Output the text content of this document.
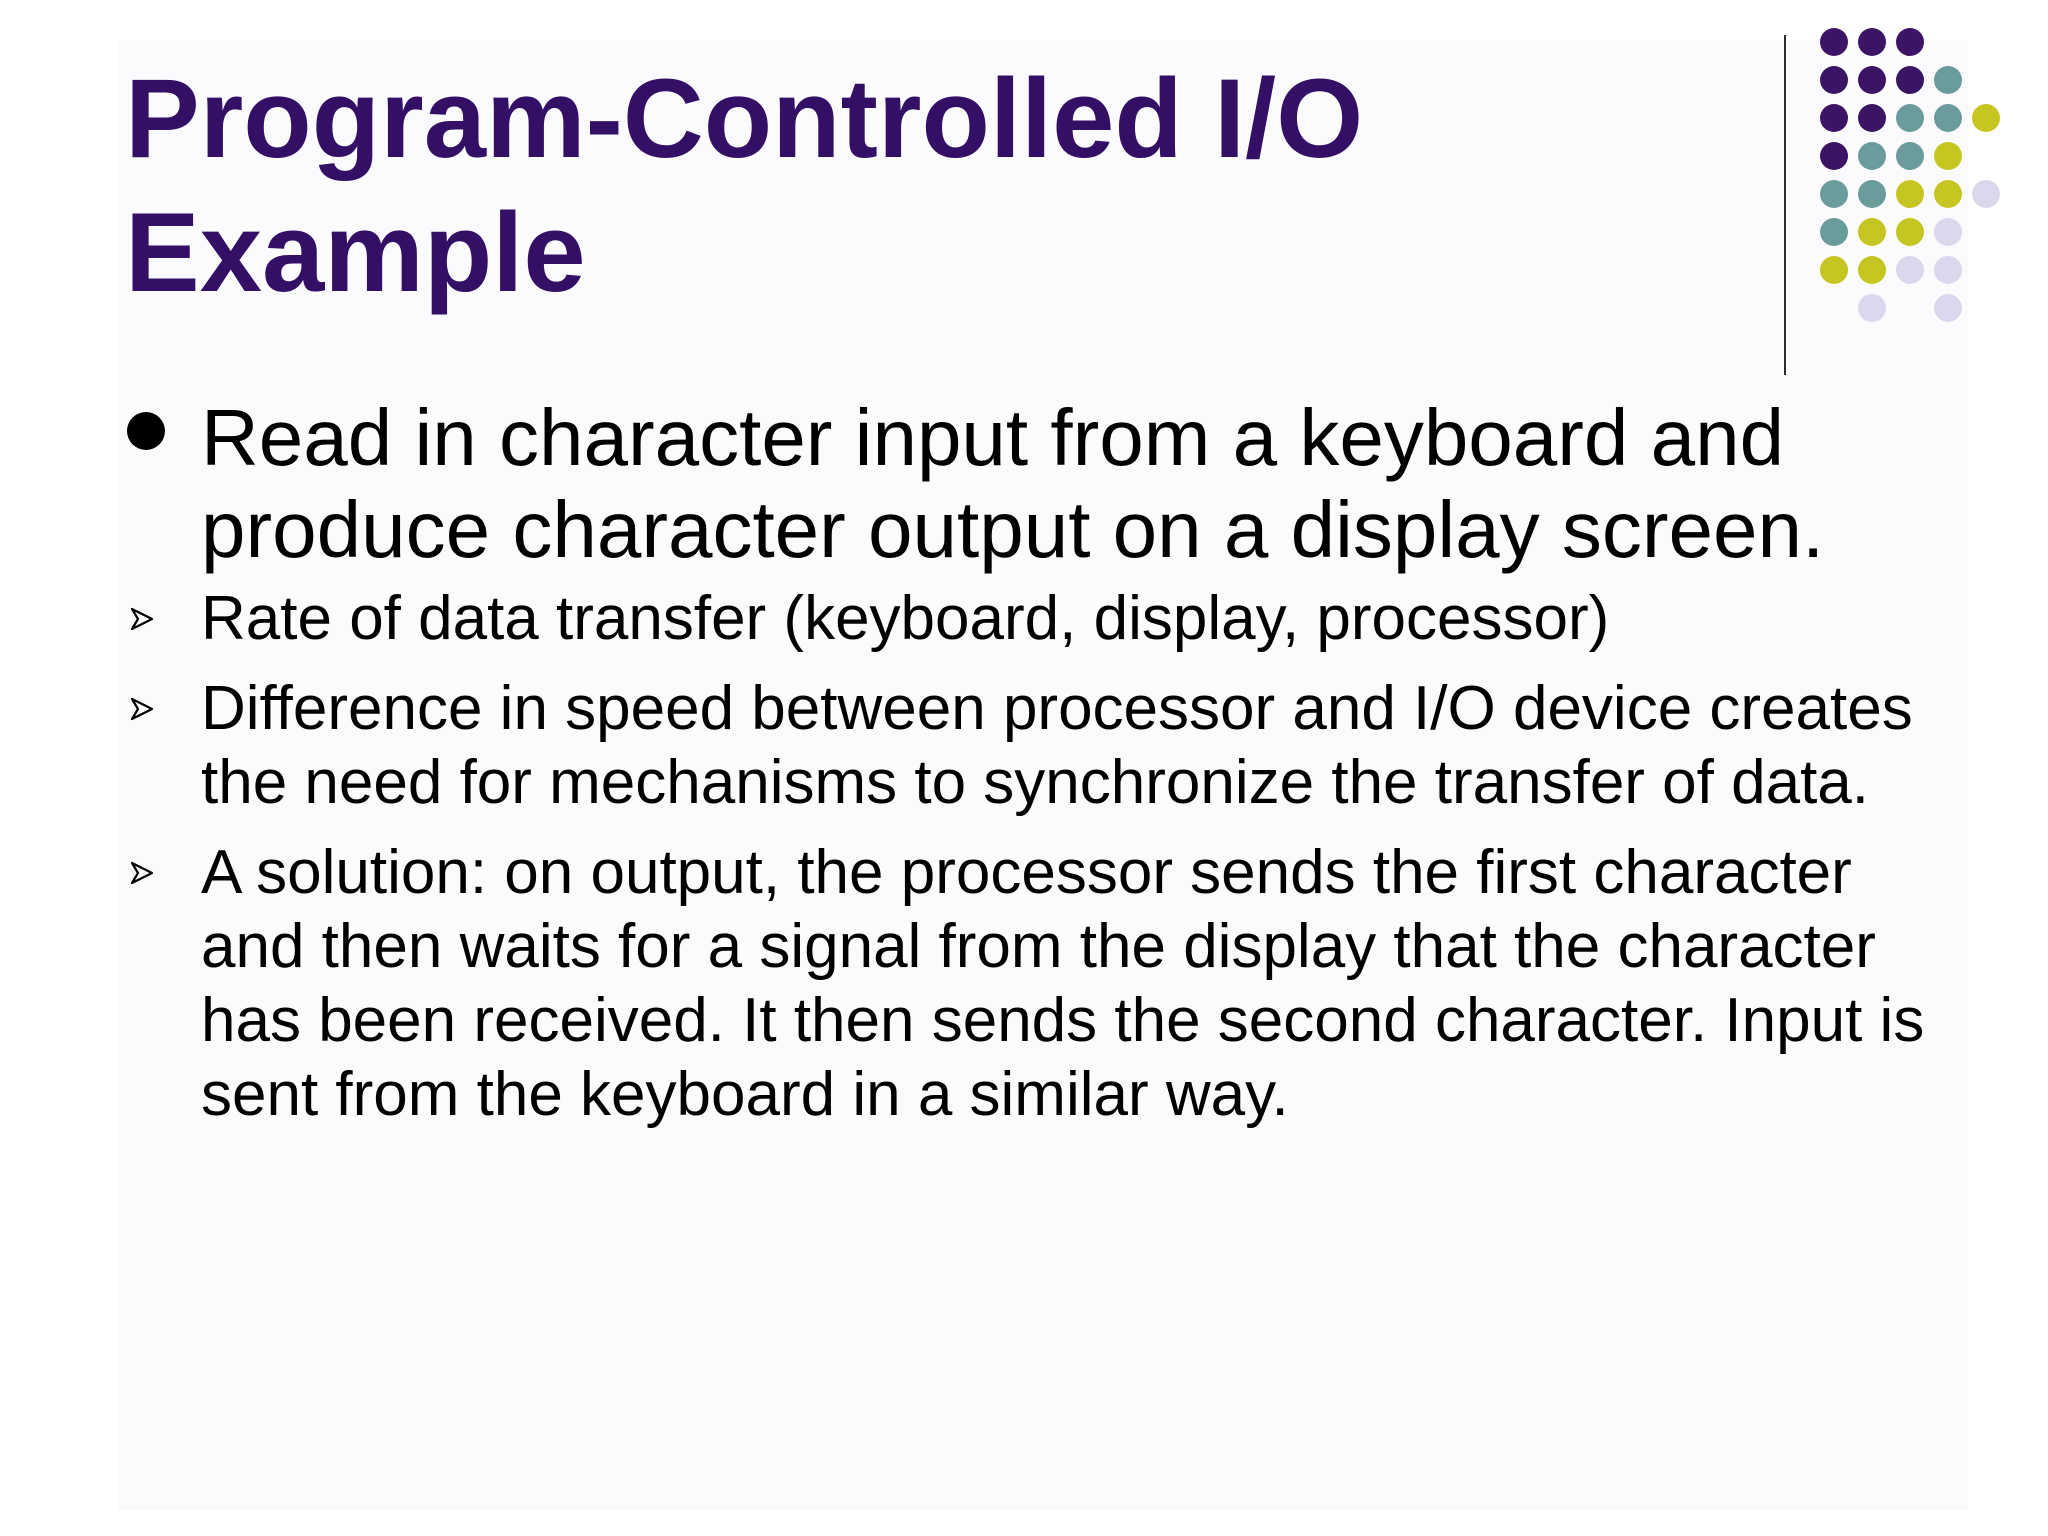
Program-Controlled I/O
Example
Read in character input from a keyboard and produce character output on a display screen.
Rate of data transfer (keyboard, display, processor)
Difference in speed between processor and I/O device creates the need for mechanisms to synchronize the transfer of data.
A solution: on output, the processor sends the first character and then waits for a signal from the display that the character has been received. It then sends the second character. Input is sent from the keyboard in a similar way.
